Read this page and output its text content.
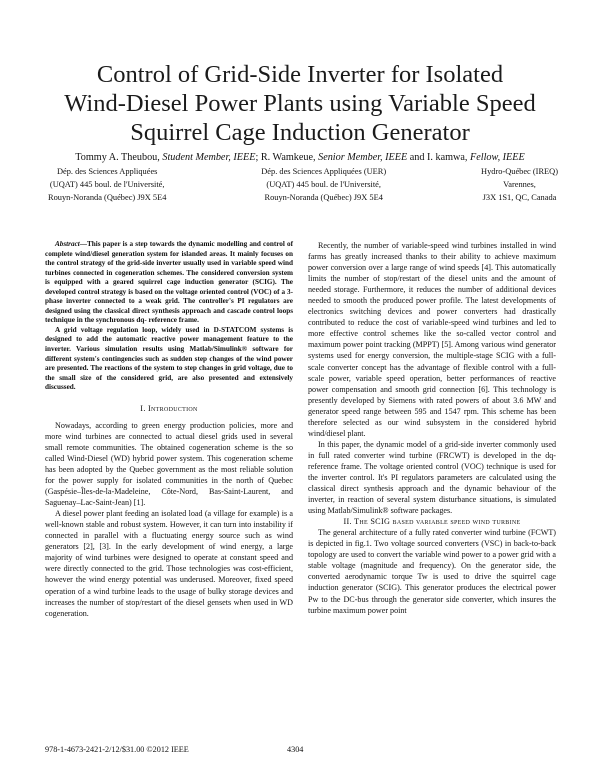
Control of Grid-Side Inverter for Isolated
Wind-Diesel Power Plants using Variable Speed
Squirrel Cage Induction Generator
Tommy A. Theubou, Student Member, IEEE; R. Wamkeue, Senior Member, IEEE and I. kamwa, Fellow, IEEE
Dép. des Sciences Appliquées
(UQAT) 445 boul. de l'Université,
Rouyn-Noranda (Québec) J9X 5E4
Dép. des Sciences Appliquées (UER)
(UQAT) 445 boul. de l'Université,
Rouyn-Noranda (Québec) J9X 5E4
Hydro-Québec (IREQ)
Varennes,
J3X 1S1, QC, Canada

Abstract—This paper is a step towards the dynamic modelling and control of complete wind/diesel generation system for islanded areas. It mainly focuses on the control strategy of the grid-side inverter usually used in variable speed wind turbines connected in cogeneration schemes. The considered conversion system is equipped with a geared squirrel cage induction generator (SCIG). The developed control strategy is based on the voltage oriented control (VOC) of a 3-phase inverter connected to a weak grid. The controller's PI regulators are designed using the classical direct synthesis approach and cascade control loops technique in the synchronous dq- reference frame.

A grid voltage regulation loop, widely used in D-STATCOM systems is designed to add the automatic reactive power management feature to the inverter. Various simulation results using Matlab/Simulink® software for different system's contingencies such as sudden step changes of the wind power are presented. The reactions of the system to step changes in grid voltage, due to the small size of the considered grid, are also presented and extensively discussed.

I. Introduction

Nowadays, according to green energy production policies, more and more wind turbines are connected to actual diesel grids used in several small remote communities. The obtained cogeneration scheme is the so called Wind-Diesel (WD) hybrid power system. This cogeneration scheme has been adopted by the Quebec government as the most reliable solution for the power supply for isolated communities in the north of Quebec (Gaspésie–Îles-de-la-Madeleine, Côte-Nord, Bas-Saint-Laurent, and Saguenay–Lac-Saint-Jean) [1].

A diesel power plant feeding an isolated load (a village for example) is a well-known stable and robust system. However, it can turn into instability if connected in parallel with a fluctuating energy source such as wind generators [2], [3]. In the early development of wind energy, a large majority of wind turbines were designed to operate at constant speed and were directly connected to the grid. Those technologies was cost-efficient, however the wind energy potential was underused. Moreover, fixed speed operation of a wind turbine leads to the usage of bulky storage devices and increases the number of stop/restart of the diesel gensets when used in WD cogeneration.

Recently, the number of variable-speed wind turbines installed in wind farms has greatly increased thanks to their ability to achieve maximum power conversion over a large range of wind speeds [4]. This automatically limits the number of stop/restart of the diesel units and the amount of needed storage. Furthermore, it reduces the number of additional devices needed to smooth the produced power profile. The latest developments of electronics switching devices and power converters had drastically contributed to reduce the cost of variable-speed wind turbines and led to more effective control schemes like the so-called vector control and maximum power point tracking (MPPT) [5]. Among various wind generator systems used for energy conversion, the multiple-stage SCIG with a full-scale converter concept has the advantage of flexible control with a full-scale power, variable speed operation, better performances of reactive power compensation and smooth grid connection [6]. This technology is presently developed by Siemens with rated powers of about 3.6 MW and generator speed range between 595 and 1547 rpm. This scheme has been therefore selected as our wind subsystem in the considered hybrid wind/diesel plant.

In this paper, the dynamic model of a grid-side inverter commonly used in full rated converter wind turbine (FRCWT) is developed in the dq- reference frame. The voltage oriented control (VOC) technique is used for the inverter control. It's PI regulators parameters are calculated using the classical direct synthesis approach and the dynamic behaviour of the inverter, in reaction of several system disturbance situations, is simulated using Matlab/Simulink® software packages.

II. The SCIG based variable speed wind turbine

The general architecture of a fully rated converter wind turbine (FCWT) is depicted in fig.1. Two voltage sourced converters (VSC) in back-to-back topology are used to convert the variable wind power to a power grid with a stable voltage (magnitude and frequency). On the generator side, the converted aerodynamic torque Tw is used to drive the squirrel cage induction generator (SCIG). This generator produces the electrical power Pw to the DC-bus through the generator side converter, which insures the turbine maximum power point

978-1-4673-2421-2/12/$31.00 ©2012 IEEE	4304
